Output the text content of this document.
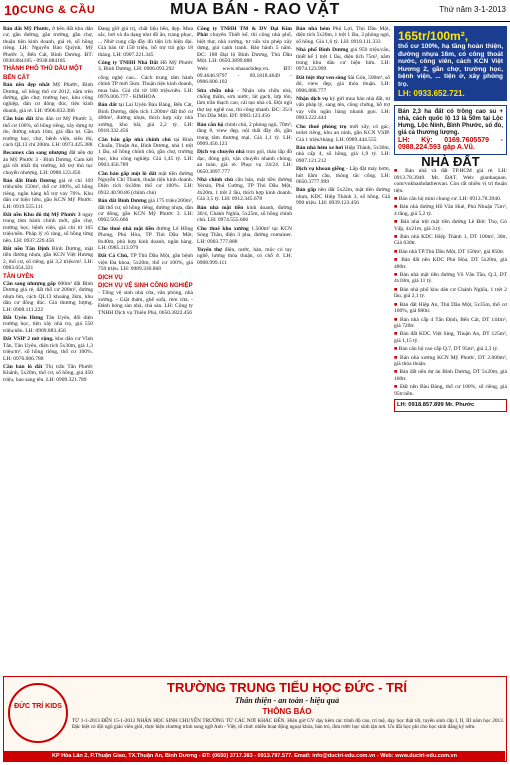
10 CUNG & CẦU	MUA BÁN - RAO VẶT	Thứ năm 3-1-2013
Bán đất Mỹ Phước, ở bên đất khu dân cư, gần đường, gần trường, gần chợ, thuận tiện kinh doanh, giá rẻ, sổ hồng riêng. LH: Nguyễn Bảo Quỳnh, Mỹ Phước 3, Bến Cát, Bình Dương. ĐT: 0938.884185 - 0938.884185
THÀNH PHỐ THỦ DẦU MỘT
BẾN CÁT
Bán nền đẹp nhất Mỹ Phước, Bình Dương, sổ hồng thổ cư 2012, nằm trên đường, gần chợ, trường học, khu công nghiệp, dân cư đông đúc, tiện kinh doanh, giá rẻ. LH: 0906.832.366
Cần bán đất khu dân cư Mỹ Phước 3, thổ cư 100%, sổ hồng riêng, xây dựng tự do, đường nhựa 16m, giá đầu tư. Gần trường học, chợ, bệnh viện, siêu thị, cách QL13 chỉ 200m. LH: 0973.425.388
Becamex cần sang nhượng đất nền dự án Mỹ Phước 3 - Bình Dương. Cam kết giá tốt nhất thị trường, hỗ trợ thủ tục chuyển nhượng. LH: 0988.123.456
Bán đất Bình Dương giá rẻ chỉ 169 triệu/nền 150m², thổ cư 100%, sổ hồng riêng, ngân hàng hỗ trợ vay 70%. Khu dân cư hiện hữu, gần KCN Mỹ Phước. LH: 0919.555.111
Đất nền Khu đô thị Mỹ Phước 3 ngay trung tâm hành chính mới, gần chợ, trường học, bệnh viện, giá chỉ từ 165 triệu/nền. Pháp lý rõ ràng, sổ hồng từng nền. LH: 0937.229.456
Đất nền Tân Định Bình Dương, mặt tiền đường nhựa, gần KCN Việt Hương 2, thổ cư, sổ riêng, giá 3,2 triệu/m². LH: 0983.654.321
TÂN UYÊN
Cần sang nhượng gấp 600m² đất Bình Dương giá rẻ, đất thổ cư 200m², đường nhựa 6m, cách QL13 khoảng 2km, khu dân cư đông đúc. Giá thương lượng. LH: 0908.111.222
Đất Uyên Hưng Tân Uyên, đối diện trường học, tiện xây nhà trọ, giá 550 triệu/nền. LH: 0909.883.456
Đất VSIP 2 mở rộng, khu dân cư Vĩnh Tân, Tân Uyên, diện tích 5x30m, giá 1,3 triệu/m², sổ hồng riêng, thổ cư 100%. LH: 0976.006.788
Cần bán lô đất Thị trấn Tân Phước Khánh, 5x20m, thổ cư, sổ hồng, giá 450 triệu, bao sang tên. LH: 0909.321.789
Đang giữ giá trị, chất liệu bền, đẹp. Mua sắc, bơi và đa dạng như đồ ăn, trang phục, ... Nhờ cung cấp đầy đủ tiện ích hiện đại. Giá bán từ 150 triệu, hỗ trợ trả góp 18 tháng. LH: 0907.221.345
Công ty TNHH Nhà Đất Hồ Mỹ Phước 3, Bình Dương. LH: 0906.093.292
công nghệ cao... Cách trung tâm hành chính TP mới 5km. Thuận tiện kinh doanh, mua bán. Giá chỉ từ 180 triệu/nền. LH: 0976.006.777 - KIMHOA
Bán đất tại Lai Uyên Bàu Bàng, Bến Cát, Bình Dương, diện tích 1.200m² đất thổ cư 400m², đường nhựa, thích hợp xây nhà xưởng, kho bãi, giá 2,2 tỷ. LH: 0918.332.456
Cần bán gấp nhà chính chủ tại Bình Chuẩn, Thuận An, Bình Dương, nhà 1 trệt 1 lầu, sổ hồng chính chủ, gần chợ, trường học, khu công nghiệp. Giá 1,45 tỷ. LH: 0903.456.789
Cần bán gấp một lô đất mặt tiền đường Nguyễn Chí Thanh, thuận tiện kinh doanh. Diện tích 6x30m thổ cư 100%. LH: 0932.40.90.86 (chính chủ)
Bán đất Bình Dương giá 175 triệu/200m², đất thổ cư, sổ hồng riêng, đường nhựa, dân cư đông, gần KCN Mỹ Phước 3. LH: 0902.505.666
Cho thuê nhà mặt tiền đường Lê Hồng Phong, Phú Hòa, TP Thủ Dầu Một, 8x40m, phù hợp kinh doanh, ngân hàng. LH: 0985.113.979
Đất Cá Chủ, TP Thủ Dầu Một, gần bệnh viện Đa khoa, 5x20m, thổ cư 100%, giá 750 triệu. LH: 0989.330.868
DỊCH VỤ
DỊCH VỤ VỆ SINH CÔNG NGHIỆP
- Tổng vệ sinh nhà cửa, văn phòng, nhà xưởng. - Giặt thảm, ghế sofa, rèm cửa. - Đánh bóng sàn nhà, chà sàn. LH: Công ty TNHH Dịch vụ Thiên Phú, 0650.3822.456
Công ty TNHH TM & DV Đại Kim Phát chuyên Thiết kế, thi công nhà phố, biệt thự, nhà xưởng, tư vấn xin phép xây dựng, giá cạnh tranh. Bảo hành 5 năm. ĐC: 188 Đại lộ Bình Dương, Thủ Dầu Một. LH: 0650.3899.888
Web: www.nhasachdep.vn. ĐT: 09.4646.9797 - 09.1818.4649 - 0906.606.102
Sửa chữa nhà - Nhận sửa chữa nhà, chống thấm, sơn nước, lát gạch, lợp tôn, làm trần thạch cao, cải tạo nhà cũ. Đội ngũ thợ tay nghề cao, thi công nhanh. ĐC: 35/4 Thủ Dầu Một. ĐT: 0983.123.456
Bán căn hộ chính chủ, 2 phòng ngủ, 70m², tầng 8, view đẹp, nội thất đầy đủ, gần trung tâm thương mại. Giá 1,1 tỷ. LH: 0909.456.123
Dịch vụ chuyển nhà trọn gói, tháo lắp đồ đạc, đóng gói, vận chuyển nhanh chóng, an toàn, giá rẻ. Phục vụ 24/24. LH: 0650.3897.777
Nhà chính chủ cần bán, mặt tiền đường Yersin, Phú Cường, TP Thủ Dầu Một, 4x20m, 1 trệt 2 lầu, thích hợp kinh doanh. Giá 3,5 tỷ. LH: 0912.345.678
Bán nhà mặt tiền kinh doanh, đường 30/4, Chánh Nghĩa, 5x25m, sổ hồng chính chủ. LH: 0974.555.666
Cho thuê kho xưởng 1.500m² tại KCN Sóng Thần, điện 3 pha, đường container. LH: 0903.777.888
Tuyển thợ điện, nước, hàn, mộc có tay nghề, lương thỏa thuận, có chỗ ở. LH: 0908.999.111
Bán nhà hẻm Phú Lợi, Thủ Dầu Một, diện tích 5x20m, 1 trệt 1 lầu, 3 phòng ngủ, sổ hồng. Giá 1,6 tỷ. LH: 0918.111.333
Nhà phố Bình Dương giá 950 triệu/căn, thiết kế 1 trệt 1 lầu, diện tích 75m², nằm trong khu dân cư hiện hữu. LH: 0974.123.999
Đất biệt thự ven sông Sài Gòn, 500m², sổ đỏ, view đẹp, giá thỏa thuận. LH: 0906.888.777
Nhận dịch vụ ký gửi mua bán nhà đất, tư vấn pháp lý, sang tên, công chứng, hỗ trợ vay vốn ngân hàng nhanh gọn. LH: 0903.222.444
Cho thuê phòng trọ mới xây, có gác, toilet riêng, khu an ninh, gần KCN VSIP. Giá 1 triệu/tháng. LH: 0989.444.555
Bán nhà hẻm xe hơi Hiệp Thành, 5x30m, nhà cấp 4, sổ hồng, giá 1,9 tỷ. LH: 0907.121.212
Dịch vụ khoan giếng - Lắp đặt máy bơm, hút hầm cầu, thông tắc cống. LH: 0650.3777.999
Bán gấp nền đất 5x22m, mặt tiền đường nhựa, KDC Hiệp Thành 3, sổ hồng. Giá 990 triệu. LH: 0939.123.456
165tr/100m²,
thổ cư 100%, hạ tầng hoàn thiện, đường nhựa 16m, có công thoát nước, công viên, cách KCN Việt Hương 2, gần chợ, trường học, bệnh viện, ... tiện ở, xây phòng trọ.
LH: 0933.652.721.
Bán 2,3 ha đất có trồng cao su + nhà, cách quốc lộ 13 là 50m tại Lộc Hưng, Lộc Ninh, Bình Phước, sổ đỏ, giá cả thương lượng.
LH: Kỳ: 0169.7605579 - 0988.224.593 gặp A.Vũ.
NHÀ ĐẤT
■ Bán nhà và đất TP.HCM giá rẻ. LH: 0913.78.3940. Mr. ĐẠT. Web: gianhaquan. com/vukhanhdatlienvan. Còn rất nhiều vị trí thuận tiện.
■ Bán căn hộ mini chung cư. LH: 0913.78.3940.
■ Bán nhà đường Hồ Văn Huê, Phú Nhuận 75m², 4 tầng, giá 5,2 tỷ.
■ Bán nhà trệt mặt tiền đường Lê Đức Thọ, Gò Vấp, 4x21m, giá 3 tỷ.
■ Bán nhà KDC Hiệp Thành 1, DT 100m², 30tr, Giá 630tr.
■ Bán nhà TP.Thủ Dầu Một, DT 150m², giá 850tr.
■ Bán đất nền KDC Phú Hòa, DT 5x20m, giá 480tr.
■ Bán nhà mặt tiền đường Võ Văn Tần, Q.3, DT 4x18m, giá 11 tỷ.
■ Bán nhà phố khu dân cư Chánh Nghĩa, 1 trệt 2 lầu, giá 2,1 tỷ.
■ Bán đất Hiệp An, Thủ Dầu Một, 5x35m, thổ cư 100%, giá 680tr.
■ Bán nhà cấp 4 Tân Định, Bến Cát, DT 144m², giá 720tr.
■ Bán đất KDC Việt Sing, Thuận An, DT 125m², giá 1,15 tỷ.
■ Bán căn hộ cao cấp Q.7, DT 95m², giá 2,3 tỷ.
■ Bán nhà xưởng KCN Mỹ Phước, DT 2.000m², giá thỏa thuận.
■ Bán đất nền dự án Bình Dương, DT 5x20m, giá 160tr.
■ Đất nền Bàu Bàng, thổ cư 100%, sổ riêng, giá 95tr/nền.
LH: 0918.857.899 Mr. Phước
ĐỨC TRÍ KIDS
TRƯỜNG TRUNG TIỂU HỌC ĐỨC - TRÍ
Thân thiện - an toàn - hiệu quả
THÔNG BÁO
TỪ 1-1-2013 ĐẾN 15-1-2013 NHẬN HỌC SINH CHUYỂN TRƯỜNG TỪ CÁC NƠI KHÁC ĐẾN. Hiện giờ GV dạy kèm các trình độ cao, trí tuệ, dạy học thật tốt, tuyển sinh cấp I, II, III năm học 2013. Đặc biệt có đội ngũ giáo viên giỏi, thực hiện chương trình song ngữ Anh - Việt, tổ chức nhiều hoạt động ngoại khóa, bán trú, đưa rước học sinh tận nơi. Ưu đãi học phí cho học sinh đăng ký sớm.
KP Hòa Lân 2, P.Thuận Giao, TX.Thuận An, Bình Dương - ĐT: (0650) 3717.383 - 0913.797.577. Email: info@ductri-edu.com.vn - Web: www.ductri-edu.com.vn
